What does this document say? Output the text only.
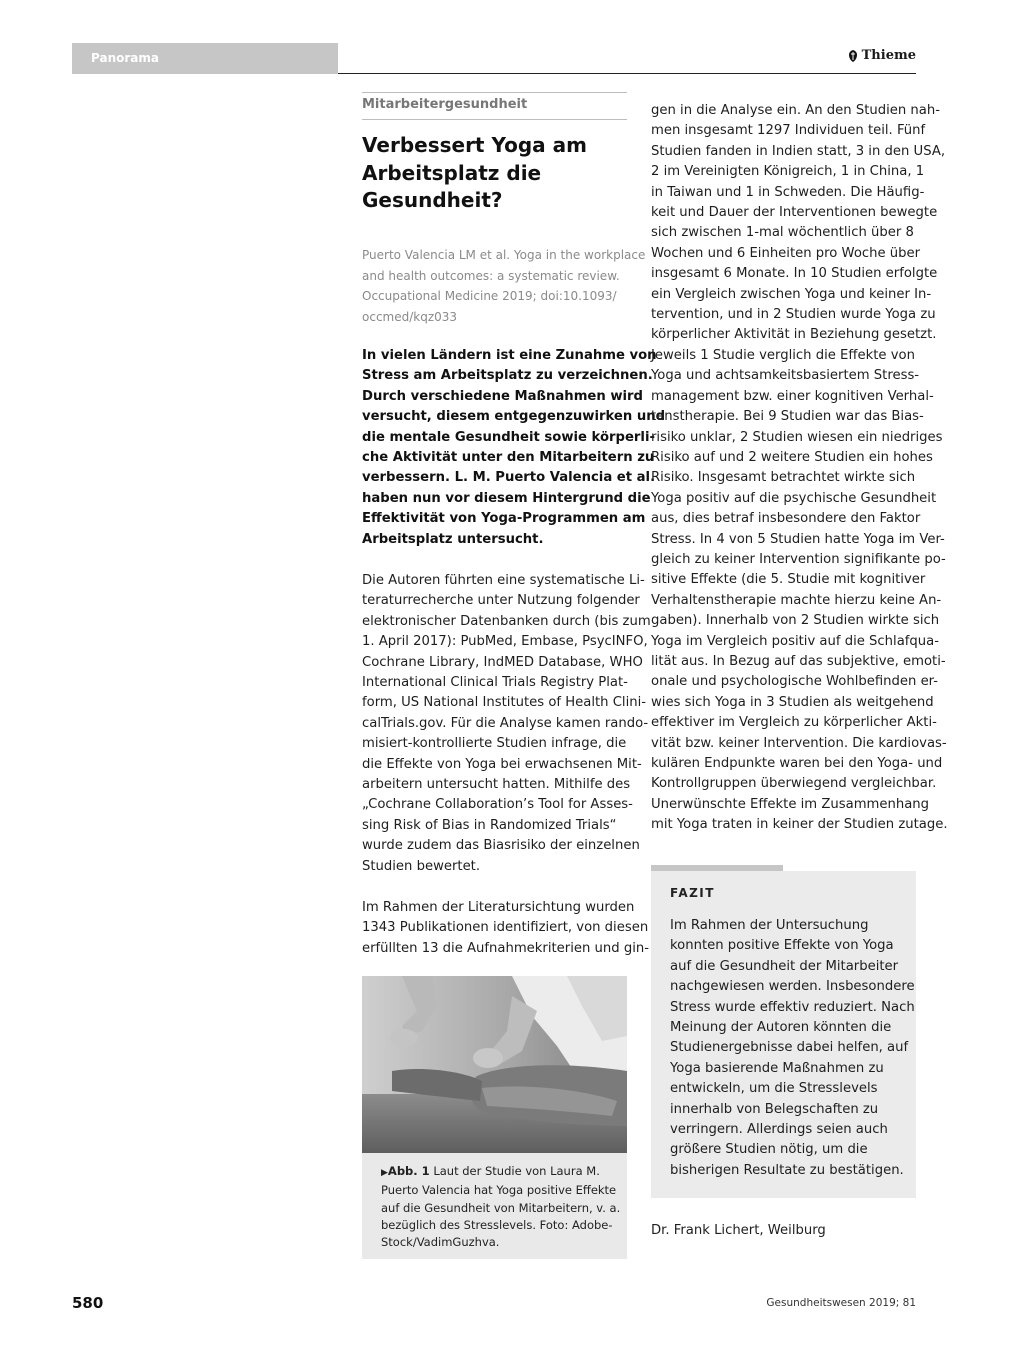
Panorama	Thieme
Mitarbeitergesundheit
Verbessert Yoga am
Arbeitsplatz die
Gesundheit?
Puerto Valencia LM et al. Yoga in the workplace
and health outcomes: a systematic review.
Occupational Medicine 2019; doi:10.1093/
occmed/kqz033
In vielen Ländern ist eine Zunahme von
Stress am Arbeitsplatz zu verzeichnen.
Durch verschiedene Maßnahmen wird
versucht, diesem entgegenzuwirken und
die mentale Gesundheit sowie körperli-
che Aktivität unter den Mitarbeitern zu
verbessern. L. M. Puerto Valencia et al.
haben nun vor diesem Hintergrund die
Effektivität von Yoga-Programmen am
Arbeitsplatz untersucht.
Die Autoren führten eine systematische Li-
teraturrecherche unter Nutzung folgender
elektronischer Datenbanken durch (bis zum
1. April 2017): PubMed, Embase, PsycINFO,
Cochrane Library, IndMED Database, WHO
International Clinical Trials Registry Plat-
form, US National Institutes of Health Clini-
calTrials.gov. Für die Analyse kamen rando-
misiert-kontrollierte Studien infrage, die
die Effekte von Yoga bei erwachsenen Mit-
arbeitern untersucht hatten. Mithilfe des
„Cochrane Collaboration’s Tool for Asses-
sing Risk of Bias in Randomized Trials“
wurde zudem das Biasrisiko der einzelnen
Studien bewertet.
Im Rahmen der Literatursichtung wurden
1343 Publikationen identifiziert, von diesen
erfüllten 13 die Aufnahmekriterien und gin-
▶Abb. 1 Laut der Studie von Laura M.
Puerto Valencia hat Yoga positive Effekte
auf die Gesundheit von Mitarbeitern, v. a.
bezüglich des Stresslevels. Foto: Adobe-
Stock/VadimGuzhva.
gen in die Analyse ein. An den Studien nah-
men insgesamt 1297 Individuen teil. Fünf
Studien fanden in Indien statt, 3 in den USA,
2 im Vereinigten Königreich, 1 in China, 1
in Taiwan und 1 in Schweden. Die Häufig-
keit und Dauer der Interventionen bewegte
sich zwischen 1-mal wöchentlich über 8
Wochen und 6 Einheiten pro Woche über
insgesamt 6 Monate. In 10 Studien erfolgte
ein Vergleich zwischen Yoga und keiner In-
tervention, und in 2 Studien wurde Yoga zu
körperlicher Aktivität in Beziehung gesetzt.
Jeweils 1 Studie verglich die Effekte von
Yoga und achtsamkeitsbasiertem Stress-
management bzw. einer kognitiven Verhal-
tenstherapie. Bei 9 Studien war das Bias-
risiko unklar, 2 Studien wiesen ein niedriges
Risiko auf und 2 weitere Studien ein hohes
Risiko. Insgesamt betrachtet wirkte sich
Yoga positiv auf die psychische Gesundheit
aus, dies betraf insbesondere den Faktor
Stress. In 4 von 5 Studien hatte Yoga im Ver-
gleich zu keiner Intervention signifikante po-
sitive Effekte (die 5. Studie mit kognitiver
Verhaltenstherapie machte hierzu keine An-
gaben). Innerhalb von 2 Studien wirkte sich
Yoga im Vergleich positiv auf die Schlafqua-
lität aus. In Bezug auf das subjektive, emoti-
onale und psychologische Wohlbefinden er-
wies sich Yoga in 3 Studien als weitgehend
effektiver im Vergleich zu körperlicher Akti-
vität bzw. keiner Intervention. Die kardiovas-
kulären Endpunkte waren bei den Yoga- und
Kontrollgruppen überwiegend vergleichbar.
Unerwünschte Effekte im Zusammenhang
mit Yoga traten in keiner der Studien zutage.
FAZIT
Im Rahmen der Untersuchung
konnten positive Effekte von Yoga
auf die Gesundheit der Mitarbeiter
nachgewiesen werden. Insbesondere
Stress wurde effektiv reduziert. Nach
Meinung der Autoren könnten die
Studienergebnisse dabei helfen, auf
Yoga basierende Maßnahmen zu
entwickeln, um die Stresslevels
innerhalb von Belegschaften zu
verringern. Allerdings seien auch
größere Studien nötig, um die
bisherigen Resultate zu bestätigen.
Dr. Frank Lichert, Weilburg
580	Gesundheitswesen 2019; 81
